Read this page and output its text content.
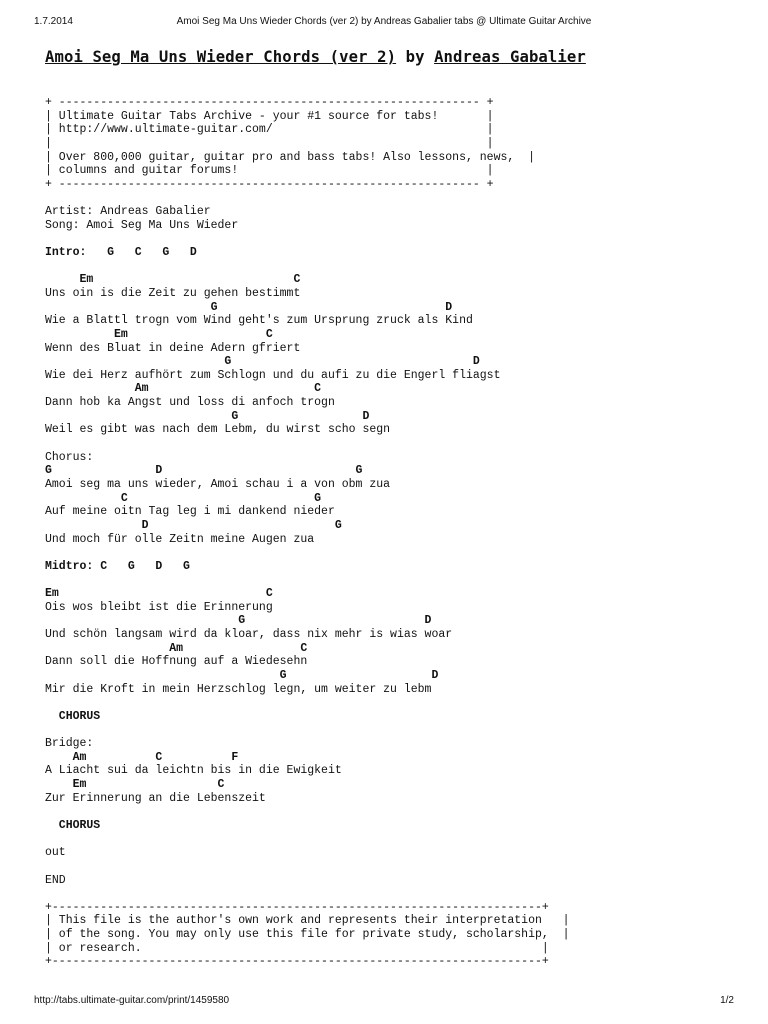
1.7.2014	Amoi Seg Ma Uns Wieder Chords (ver 2) by Andreas Gabalier tabs @ Ultimate Guitar Archive
Amoi Seg Ma Uns Wieder Chords (ver 2) by Andreas Gabalier
+ ------------------------------------------------------------- +
| Ultimate Guitar Tabs Archive - your #1 source for tabs!       |
| http://www.ultimate-guitar.com/                               |
|                                                               |
| Over 800,000 guitar, guitar pro and bass tabs! Also lessons, news,  |
| columns and guitar forums!                                    |
+ ------------------------------------------------------------- +
Artist: Andreas Gabalier
Song: Amoi Seg Ma Uns Wieder
Intro:   G   C   G   D
Em                             C
Uns oin is die Zeit zu gehen bestimmt
G                                 D
Wie a Blattl trogn vom Wind geht's zum Ursprung zruck als Kind
Em                    C
Wenn des Bluat in deine Adern gfriert
G                                   D
Wie dei Herz aufhört zum Schlogn und du aufi zu die Engerl fliagst
Am                        C
Dann hob ka Angst und loss di anfoch trogn
G                  D
Weil es gibt was nach dem Lebm, du wirst scho segn
Chorus:
G               D                            G
Amoi seg ma uns wieder, Amoi schau i a von obm zua
C                           G
Auf meine oitn Tag leg i mi dankend nieder
D                           G
Und moch für olle Zeitn meine Augen zua
Midtro: C   G   D   G
Em                              C
Ois wos bleibt ist die Erinnerung
G                          D
Und schön langsam wird da kloar, dass nix mehr is wias woar
Am                 C
Dann soll die Hoffnung auf a Wiedesehn
G                     D
Mir die Kroft in mein Herzschlog legn, um weiter zu lebm
CHORUS
Bridge:
Am          C          F
A Liacht sui da leichtn bis in die Ewigkeit
Em                   C
Zur Erinnerung an die Lebenszeit
CHORUS
out
END
+-----------------------------------------------------------------------+
| This file is the author's own work and represents their interpretation   |
| of the song. You may only use this file for private study, scholarship,  |
| or research.                                                          |
+-----------------------------------------------------------------------+
http://tabs.ultimate-guitar.com/print/1459580	1/2
